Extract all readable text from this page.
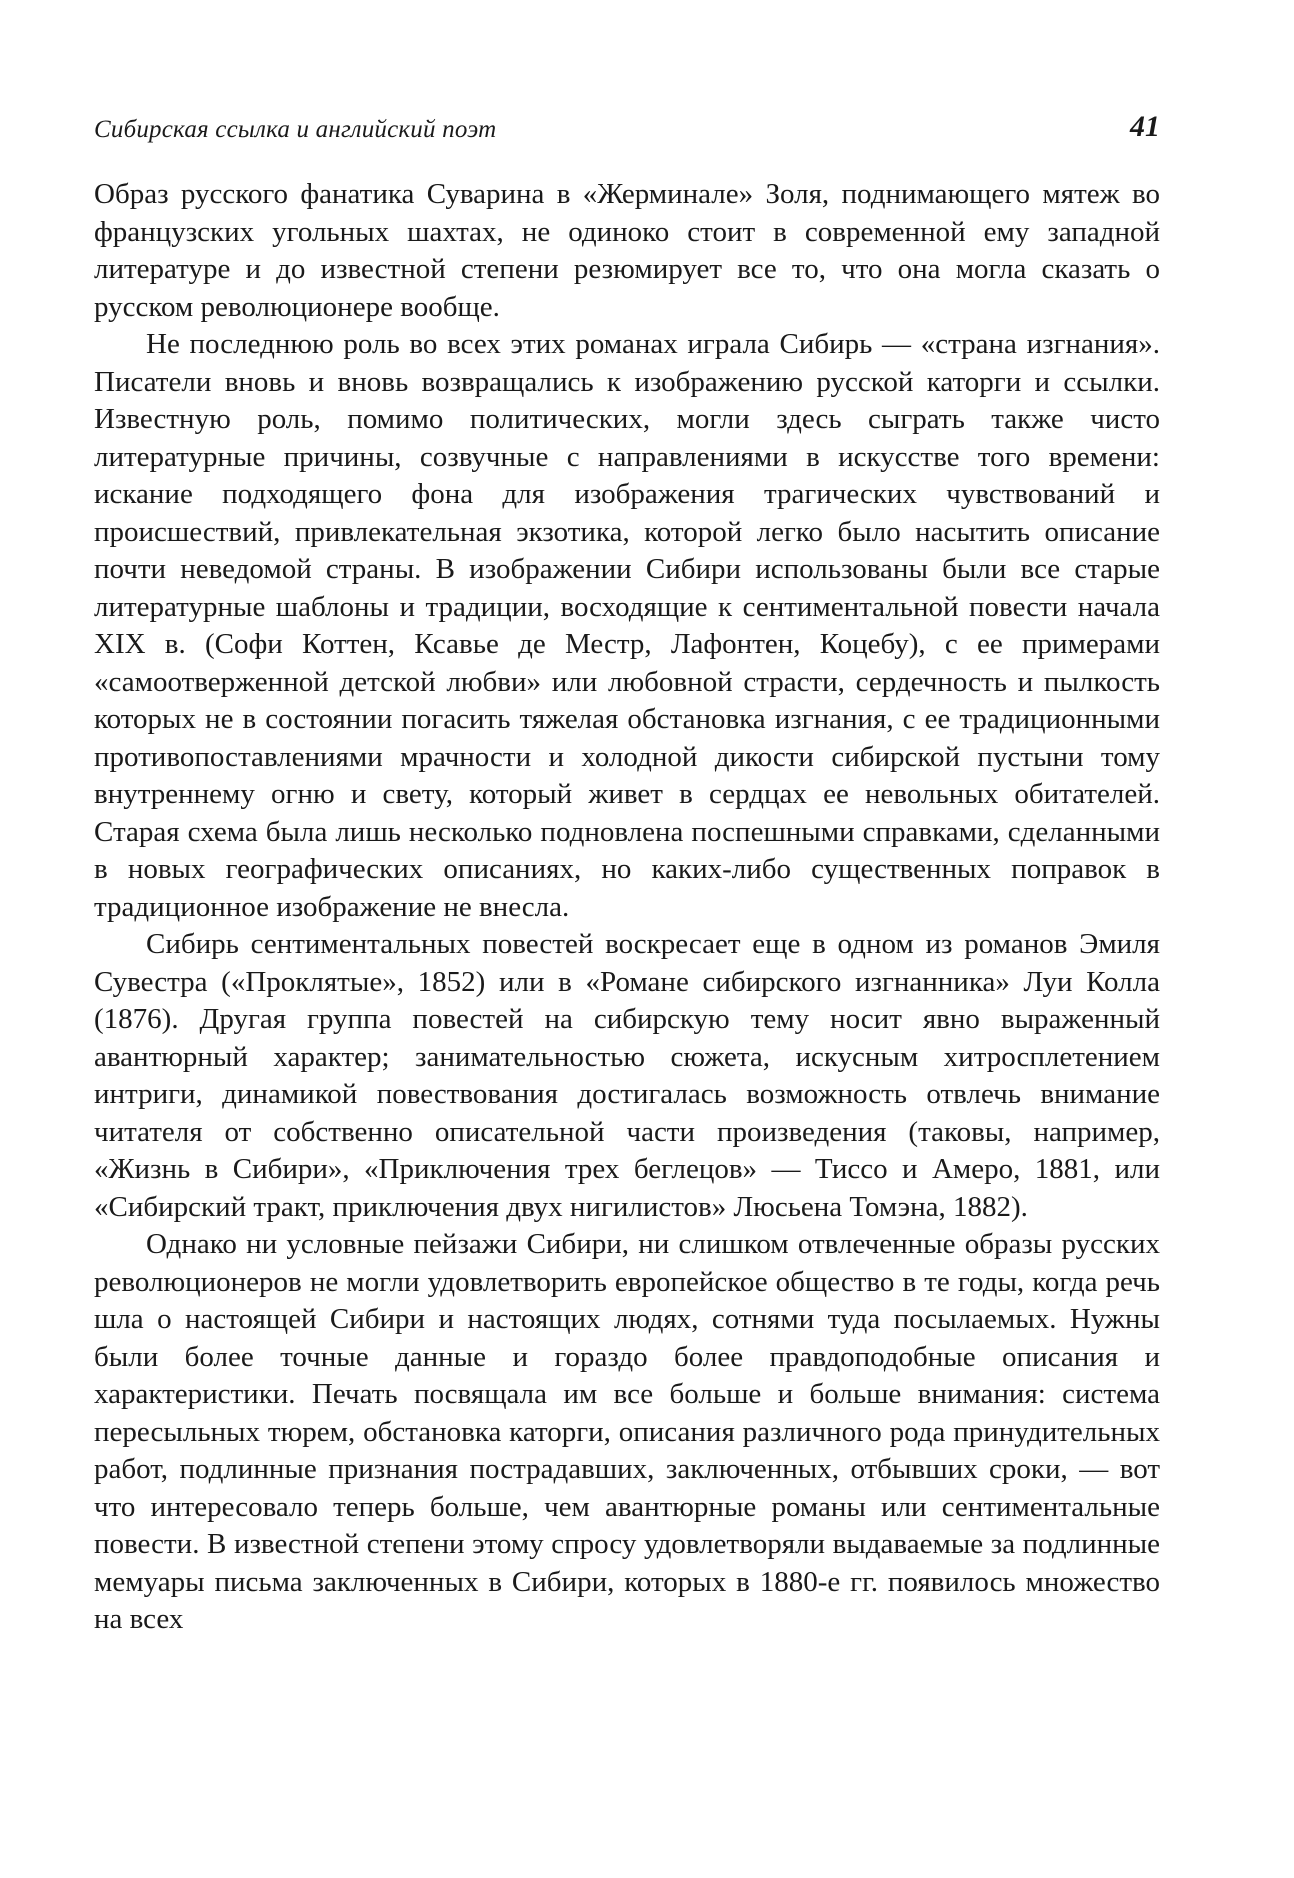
Сибирская ссылка и английский поэт	41

Образ русского фанатика Суварина в «Жерминале» Золя, поднимающего мятеж во французских угольных шахтах, не одиноко стоит в современной ему западной литературе и до известной степени резюмирует все то, что она могла сказать о русском революционере вообще.

Не последнюю роль во всех этих романах играла Сибирь — «страна изгнания». Писатели вновь и вновь возвращались к изображению русской каторги и ссылки. Известную роль, помимо политических, могли здесь сыграть также чисто литературные причины, созвучные с направлениями в искусстве того времени: искание подходящего фона для изображения трагических чувствований и происшествий, привлекательная экзотика, которой легко было насытить описание почти неведомой страны. В изображении Сибири использованы были все старые литературные шаблоны и традиции, восходящие к сентиментальной повести начала XIX в. (Софи Коттен, Ксавье де Местр, Лафонтен, Коцебу), с ее примерами «самоотверженной детской любви» или любовной страсти, сердечность и пылкость которых не в состоянии погасить тяжелая обстановка изгнания, с ее традиционными противопоставлениями мрачности и холодной дикости сибирской пустыни тому внутреннему огню и свету, который живет в сердцах ее невольных обитателей. Старая схема была лишь несколько подновлена поспешными справками, сделанными в новых географических описаниях, но каких-либо существенных поправок в традиционное изображение не внесла.

Сибирь сентиментальных повестей воскресает еще в одном из романов Эмиля Сувестра («Проклятые», 1852) или в «Романе сибирского изгнанника» Луи Колла (1876). Другая группа повестей на сибирскую тему носит явно выраженный авантюрный характер; занимательностью сюжета, искусным хитросплетением интриги, динамикой повествования достигалась возможность отвлечь внимание читателя от собственно описательной части произведения (таковы, например, «Жизнь в Сибири», «Приключения трех беглецов» — Тиссо и Амеро, 1881, или «Сибирский тракт, приключения двух нигилистов» Люсьена Томэна, 1882).

Однако ни условные пейзажи Сибири, ни слишком отвлеченные образы русских революционеров не могли удовлетворить европейское общество в те годы, когда речь шла о настоящей Сибири и настоящих людях, сотнями туда посылаемых. Нужны были более точные данные и гораздо более правдоподобные описания и характеристики. Печать посвящала им все больше и больше внимания: система пересыльных тюрем, обстановка каторги, описания различного рода принудительных работ, подлинные признания пострадавших, заключенных, отбывших сроки, — вот что интересовало теперь больше, чем авантюрные романы или сентиментальные повести. В известной степени этому спросу удовлетворяли выдаваемые за подлинные мемуары письма заключенных в Сибири, которых в 1880-е гг. появилось множество на всех
